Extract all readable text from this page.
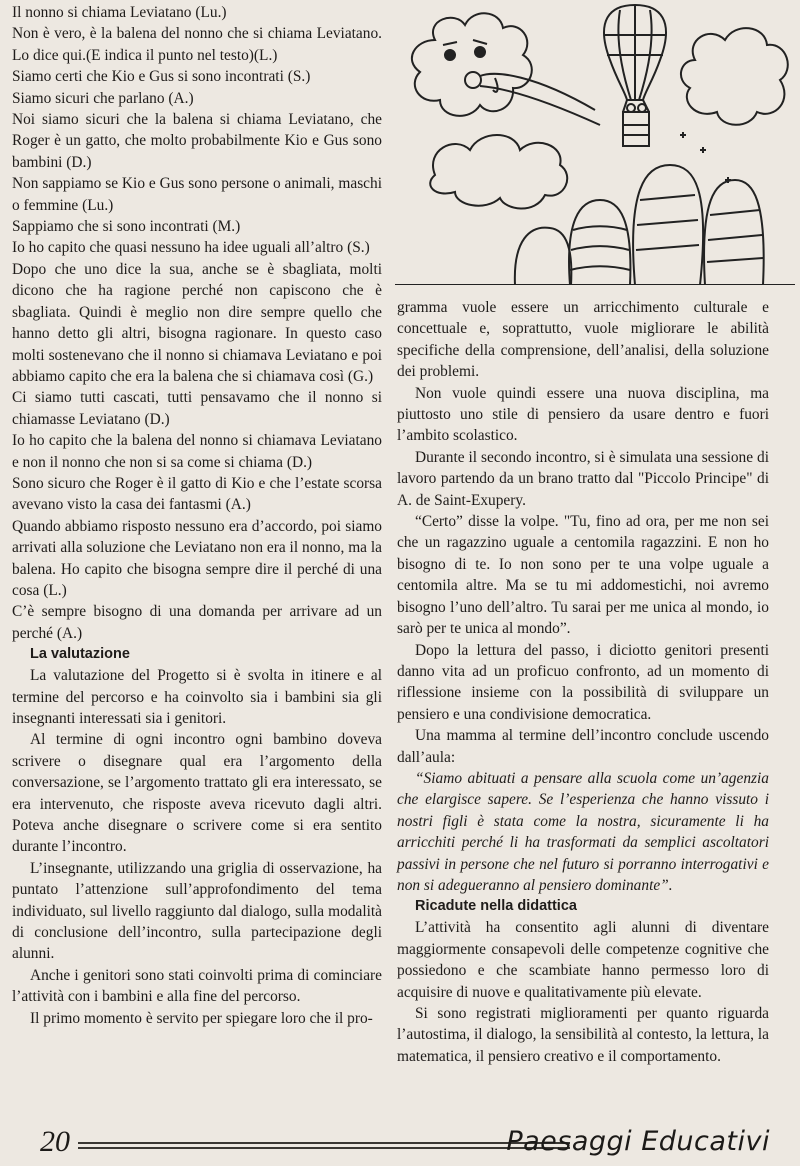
Il nonno si chiama Leviatano (Lu.)

Non è vero, è la balena del nonno che si chiama Leviatano. Lo dice qui.(E indica il punto nel testo)(L.)

Siamo certi che Kio e Gus si sono incontrati (S.)

Siamo sicuri che parlano (A.)

Noi siamo sicuri che la balena si chiama Leviatano, che Roger è un gatto, che molto probabilmente Kio e Gus sono bambini (D.)

Non sappiamo se Kio e Gus sono persone o animali, maschi o femmine (Lu.)

Sappiamo che si sono incontrati (M.)

Io ho capito che quasi nessuno ha idee uguali all’altro (S.)

Dopo che uno dice la sua, anche se è sbagliata, molti dicono che ha ragione perché non capiscono che è sbagliata. Quindi è meglio non dire sempre quello che hanno detto gli altri, bisogna ragionare. In questo caso molti sostenevano che il nonno si chiamava Leviatano e poi abbiamo capito che era la balena che si chiamava così (G.)

Ci siamo tutti cascati, tutti pensavamo che il nonno si chiamasse Leviatano (D.)

Io ho capito che la balena del nonno si chiamava Leviatano e non il nonno che non si sa come si chiama (D.)

Sono sicuro che Roger è il gatto di Kio e che l’estate scorsa avevano visto la casa dei fantasmi (A.)

Quando abbiamo risposto nessuno era d’accordo, poi siamo arrivati alla soluzione che Leviatano non era il nonno, ma la balena. Ho capito che bisogna sempre dire il perché di una cosa (L.)

C’è sempre bisogno di una domanda per arrivare ad un perché (A.)

La valutazione

La valutazione del Progetto si è svolta in itinere e al termine del percorso e ha coinvolto sia i bambini sia gli insegnanti interessati sia i genitori.

Al termine di ogni incontro ogni bambino doveva scrivere o disegnare qual era l’argomento della conversazione, se l’argomento trattato gli era interessato, se era intervenuto, che risposte aveva ricevuto dagli altri. Poteva anche disegnare o scrivere come si era sentito durante l’incontro.

L’insegnante, utilizzando una griglia di osservazione, ha puntato l’attenzione sull’approfondimento del tema individuato, sul livello raggiunto dal dialogo, sulla modalità di conclusione dell’incontro, sulla partecipazione degli alunni.

Anche i genitori sono stati coinvolti prima di cominciare l’attività con i bambini e alla fine del percorso.

Il primo momento è servito per spiegare loro che il pro-

gramma vuole essere un arricchimento culturale e concettuale e, soprattutto, vuole migliorare le abilità specifiche della comprensione, dell’analisi, della soluzione dei problemi.

Non vuole quindi essere una nuova disciplina, ma piuttosto uno stile di pensiero da usare dentro e fuori l’ambito scolastico.

Durante il secondo incontro, si è simulata una sessione di lavoro partendo da un brano tratto dal "Piccolo Principe" di A. de Saint-Exupery.

“Certo” disse la volpe. "Tu, fino ad ora, per me non sei che un ragazzino uguale a centomila ragazzini. E non ho bisogno di te. Io non sono per te una volpe uguale a centomila altre. Ma se tu mi addomestichi, noi avremo bisogno l’uno dell’altro. Tu sarai per me unica al mondo, io sarò per te unica al mondo”.

Dopo la lettura del passo, i diciotto genitori presenti danno vita ad un proficuo confronto, ad un momento di riflessione insieme con la possibilità di sviluppare un pensiero e una condivisione democratica.

Una mamma al termine dell’incontro conclude uscendo dall’aula:

“Siamo abituati a pensare alla scuola come un’agenzia che elargisce sapere. Se l’esperienza che hanno vissuto i nostri figli è stata come la nostra, sicuramente li ha arricchiti perché li ha trasformati da semplici ascoltatori passivi in persone che nel futuro si porranno interrogativi e non si adegueranno al pensiero dominante”.

Ricadute nella didattica

L’attività ha consentito agli alunni di diventare maggiormente consapevoli delle competenze cognitive che possiedono e che scambiate hanno permesso loro di acquisire di nuove e qualitativamente più elevate.

Si sono registrati miglioramenti per quanto riguarda l’autostima, il dialogo, la sensibilità al contesto, la lettura, la matematica, il pensiero creativo e il comportamento.

20	Paesaggi Educativi
